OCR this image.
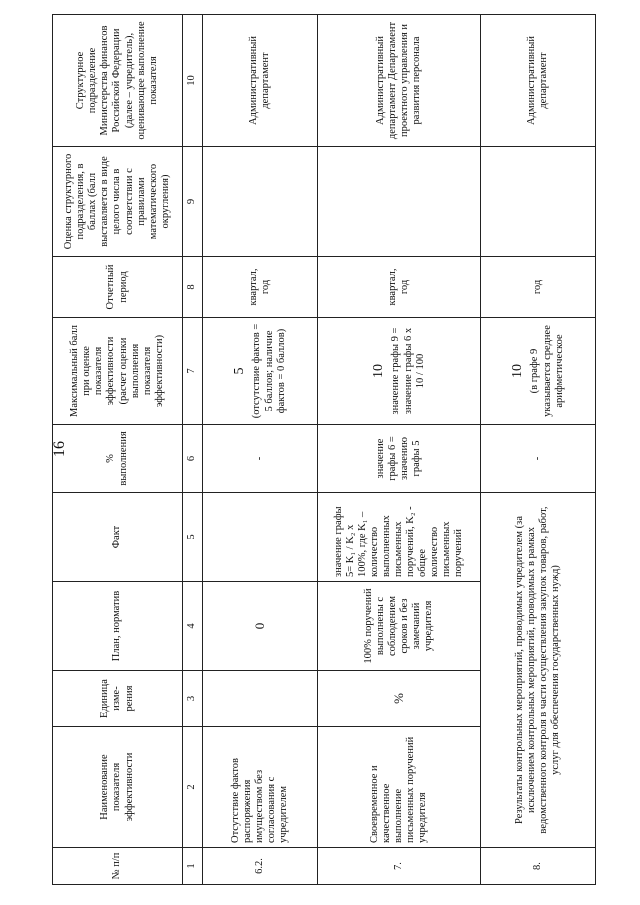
16
№ п/п	Наименование показателя эффективности	Единица изме-рения	План, норматив	Факт	% выполнения	Максимальный балл при оценке показателя эффективности (расчет оценки выполнения показателя эффективности)	Отчетный период	Оценка структурного подразделения, в баллах (балл выставляется в виде целого числа в соответствии с правилами математического округления)	Структурное подразделение Министерства финансов Российской Федерации (далее – учредитель), оценивающее выполнение показателя
1	2	3	4	5	6	7	8	9	10
6.2.	Отсутствие фактов распоряжения имуществом без согласования с учредителем		0		-	5 (отсутствие фактов = 5 баллов; наличие фактов = 0 баллов)	квартал, год		Административный департамент
7.	Своевременное и качественное выполнение письменных поручений учредителя	%	100% поручений выполнены с соблюдением сроков и без замечаний учредителя	значение графы 5= K₁ / K₂ x 100%, где K₁ – количество выполненных письменных поручений, K₂ - общее количество письменных поручений	значение графы 6 = значению графы 5	10 значение графы 9 = значение графы 6 x 10 / 100	квартал, год		Административный департамент Департамент проектного управления и развития персонала
8.	Результаты контрольных мероприятий, проводимых учредителем (за исключением контрольных мероприятий, проводимых в рамках ведомственного контроля в части осуществления закупок товаров, работ, услуг для обеспечения государственных нужд)				-	10 (в графе 9 указывается среднее арифметическое	год		Административный департамент
